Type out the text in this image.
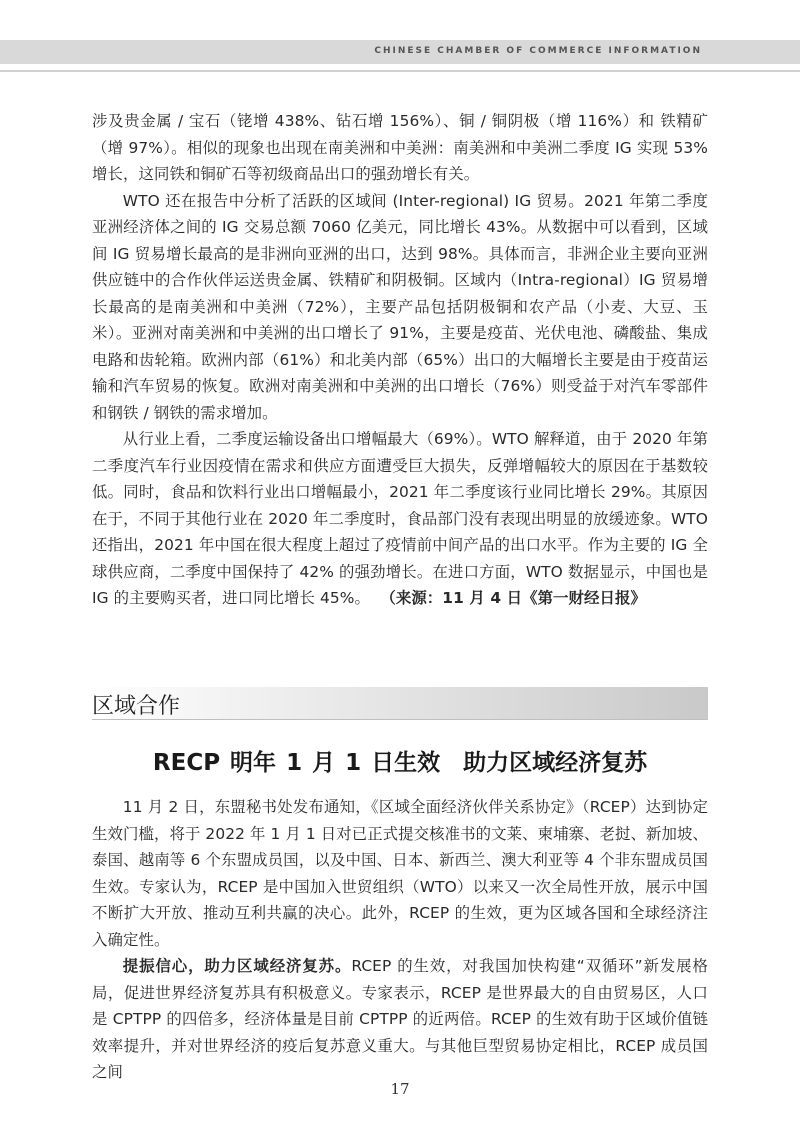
CHINESE CHAMBER OF COMMERCE INFORMATION

涉及贵金属 / 宝石（铑增 438%、钻石增 156%）、铜 / 铜阴极（增 116%）和 铁精矿（增 97%）。相似的现象也出现在南美洲和中美洲：南美洲和中美洲二季度 IG 实现 53% 增长，这同铁和铜矿石等初级商品出口的强劲增长有关。

WTO 还在报告中分析了活跃的区域间 (Inter-regional) IG 贸易。2021 年第二季度亚洲经济体之间的 IG 交易总额 7060 亿美元，同比增长 43%。从数据中可以看到，区域间 IG 贸易增长最高的是非洲向亚洲的出口，达到 98%。具体而言，非洲企业主要向亚洲供应链中的合作伙伴运送贵金属、铁精矿和阴极铜。区域内（Intra-regional）IG 贸易增长最高的是南美洲和中美洲（72%），主要产品包括阴极铜和农产品（小麦、大豆、玉米）。亚洲对南美洲和中美洲的出口增长了 91%，主要是疫苗、光伏电池、磷酸盐、集成电路和齿轮箱。欧洲内部（61%）和北美内部（65%）出口的大幅增长主要是由于疫苗运输和汽车贸易的恢复。欧洲对南美洲和中美洲的出口增长（76%）则受益于对汽车零部件和钢铁 / 钢铁的需求增加。

从行业上看，二季度运输设备出口增幅最大（69%）。WTO 解释道，由于 2020 年第二季度汽车行业因疫情在需求和供应方面遭受巨大损失，反弹增幅较大的原因在于基数较低。同时，食品和饮料行业出口增幅最小，2021 年二季度该行业同比增长 29%。其原因在于，不同于其他行业在 2020 年二季度时，食品部门没有表现出明显的放缓迹象。WTO 还指出，2021 年中国在很大程度上超过了疫情前中间产品的出口水平。作为主要的 IG 全球供应商，二季度中国保持了 42% 的强劲增长。在进口方面，WTO 数据显示，中国也是 IG 的主要购买者，进口同比增长 45%。 （来源：11 月 4 日《第一财经日报》

区域合作
RECP 明年 1 月 1 日生效　助力区域经济复苏

11 月 2 日，东盟秘书处发布通知，《区域全面经济伙伴关系协定》（RCEP）达到协定生效门槛，将于 2022 年 1 月 1 日对已正式提交核准书的文莱、柬埔寨、老挝、新加坡、泰国、越南等 6 个东盟成员国，以及中国、日本、新西兰、澳大利亚等 4 个非东盟成员国生效。专家认为，RCEP 是中国加入世贸组织（WTO）以来又一次全局性开放，展示中国不断扩大开放、推动互利共赢的决心。此外，RCEP 的生效，更为区域各国和全球经济注入确定性。

提振信心，助力区域经济复苏。RCEP 的生效，对我国加快构建“双循环”新发展格局，促进世界经济复苏具有积极意义。专家表示，RCEP 是世界最大的自由贸易区，人口是 CPTPP 的四倍多，经济体量是目前 CPTPP 的近两倍。RCEP 的生效有助于区域价值链效率提升，并对世界经济的疫后复苏意义重大。与其他巨型贸易协定相比，RCEP 成员国之间

17
